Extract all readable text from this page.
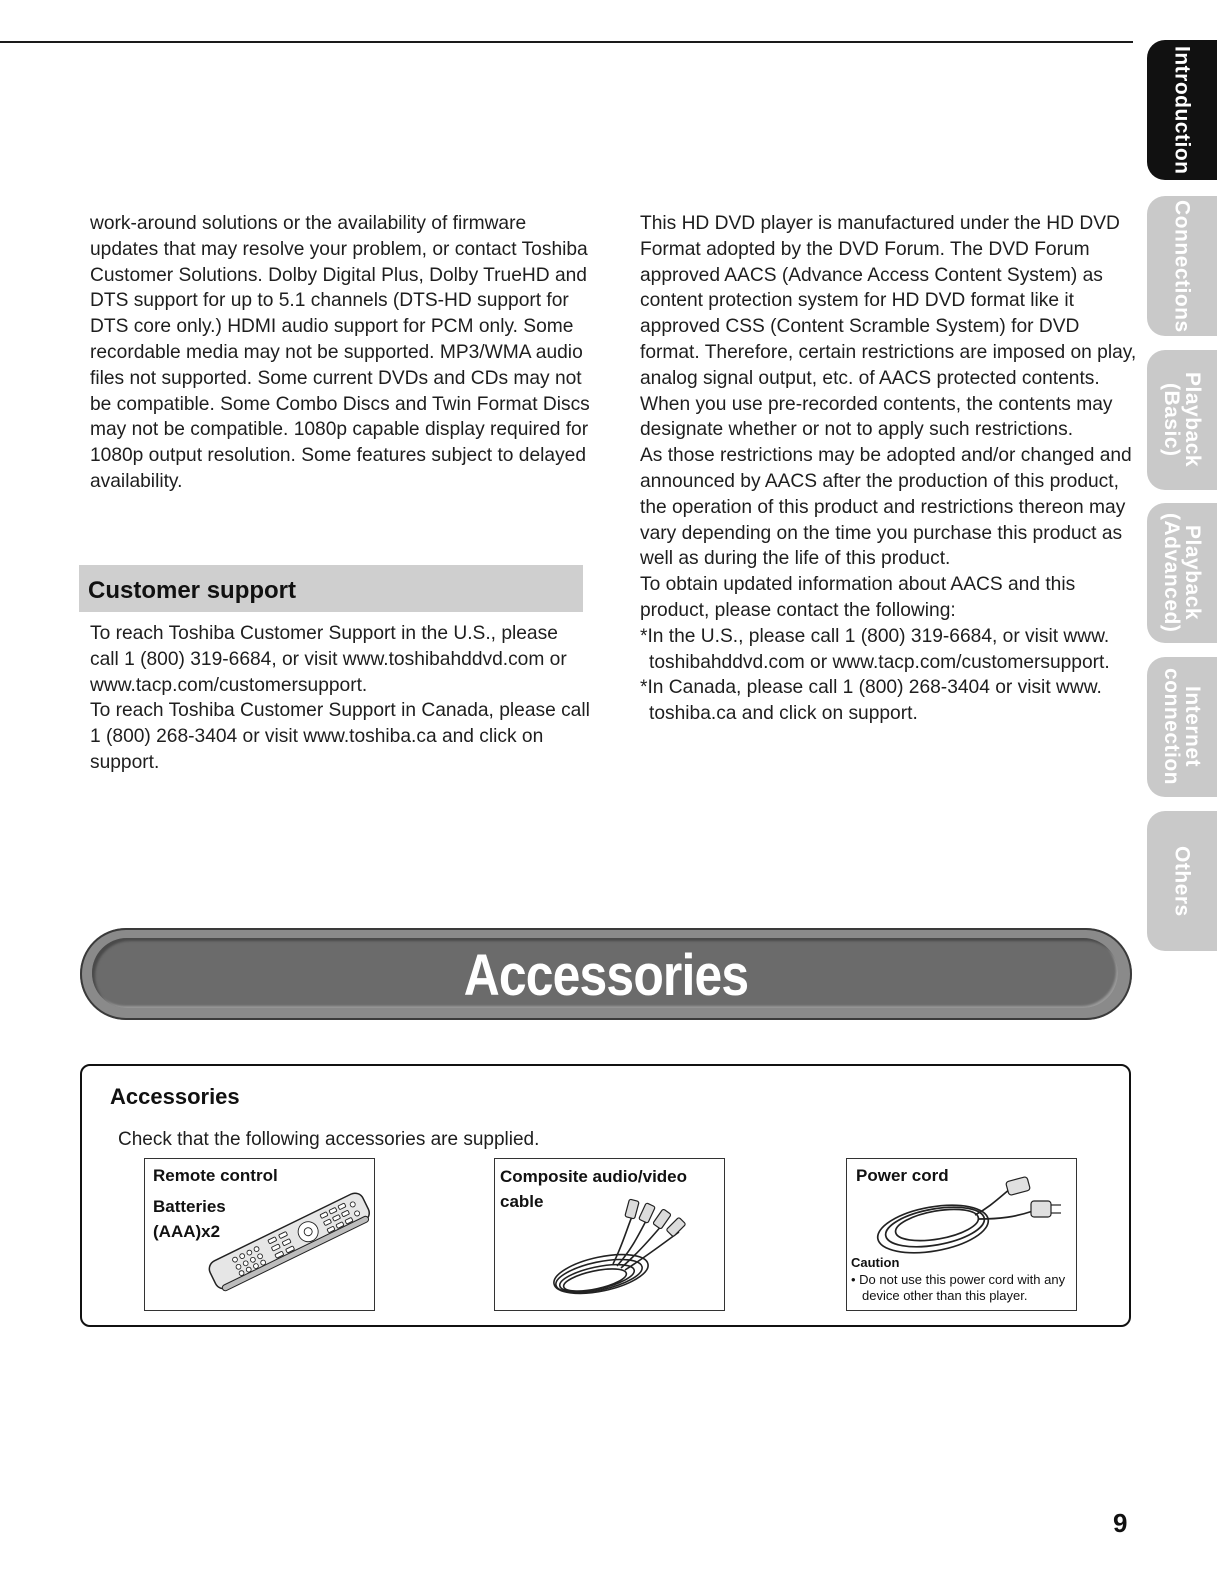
Introduction
Connections
Playback
(Basic)
Playback
(Advanced)
Internet
connection
Others

work-around solutions or the availability of firmware updates that may resolve your problem, or contact Toshiba Customer Solutions. Dolby Digital Plus, Dolby TrueHD and DTS support for up to 5.1 channels (DTS-HD support for DTS core only.) HDMI audio support for PCM only. Some recordable media may not be supported. MP3/WMA audio files not supported. Some current DVDs and CDs may not be compatible. Some Combo Discs and Twin Format Discs may not be compatible. 1080p capable display required for 1080p output resolution. Some features subject to delayed availability.

Customer support

To reach Toshiba Customer Support in the U.S., please call 1 (800) 319-6684, or visit www.toshibahddvd.com or www.tacp.com/customersupport.

To reach Toshiba Customer Support in Canada, please call 1 (800) 268-3404 or visit www.toshiba.ca and click on support.

This HD DVD player is manufactured under the HD DVD Format adopted by the DVD Forum. The DVD Forum approved AACS (Advance Access Content System) as content protection system for HD DVD format like it approved CSS (Content Scramble System) for DVD format. Therefore, certain restrictions are imposed on play, analog signal output, etc. of AACS protected contents.

When you use pre-recorded contents, the contents may designate whether or not to apply such restrictions.

As those restrictions may be adopted and/or changed and announced by AACS after the production of this product, the operation of this product and restrictions thereon may vary depending on the time you purchase this product as well as during the life of this product.

To obtain updated information about AACS and this product, please contact the following:

*In the U.S., please call 1 (800) 319-6684, or visit www. toshibahddvd.com or www.tacp.com/customersupport.

*In Canada, please call 1 (800) 268-3404 or visit www. toshiba.ca and click on support.

Accessories
Accessories
Check that the following accessories are supplied.
Remote control
Batteries
(AAA)x2
Composite audio/video
cable
Power cord
Caution
• Do not use this power cord with any device other than this player.
9
